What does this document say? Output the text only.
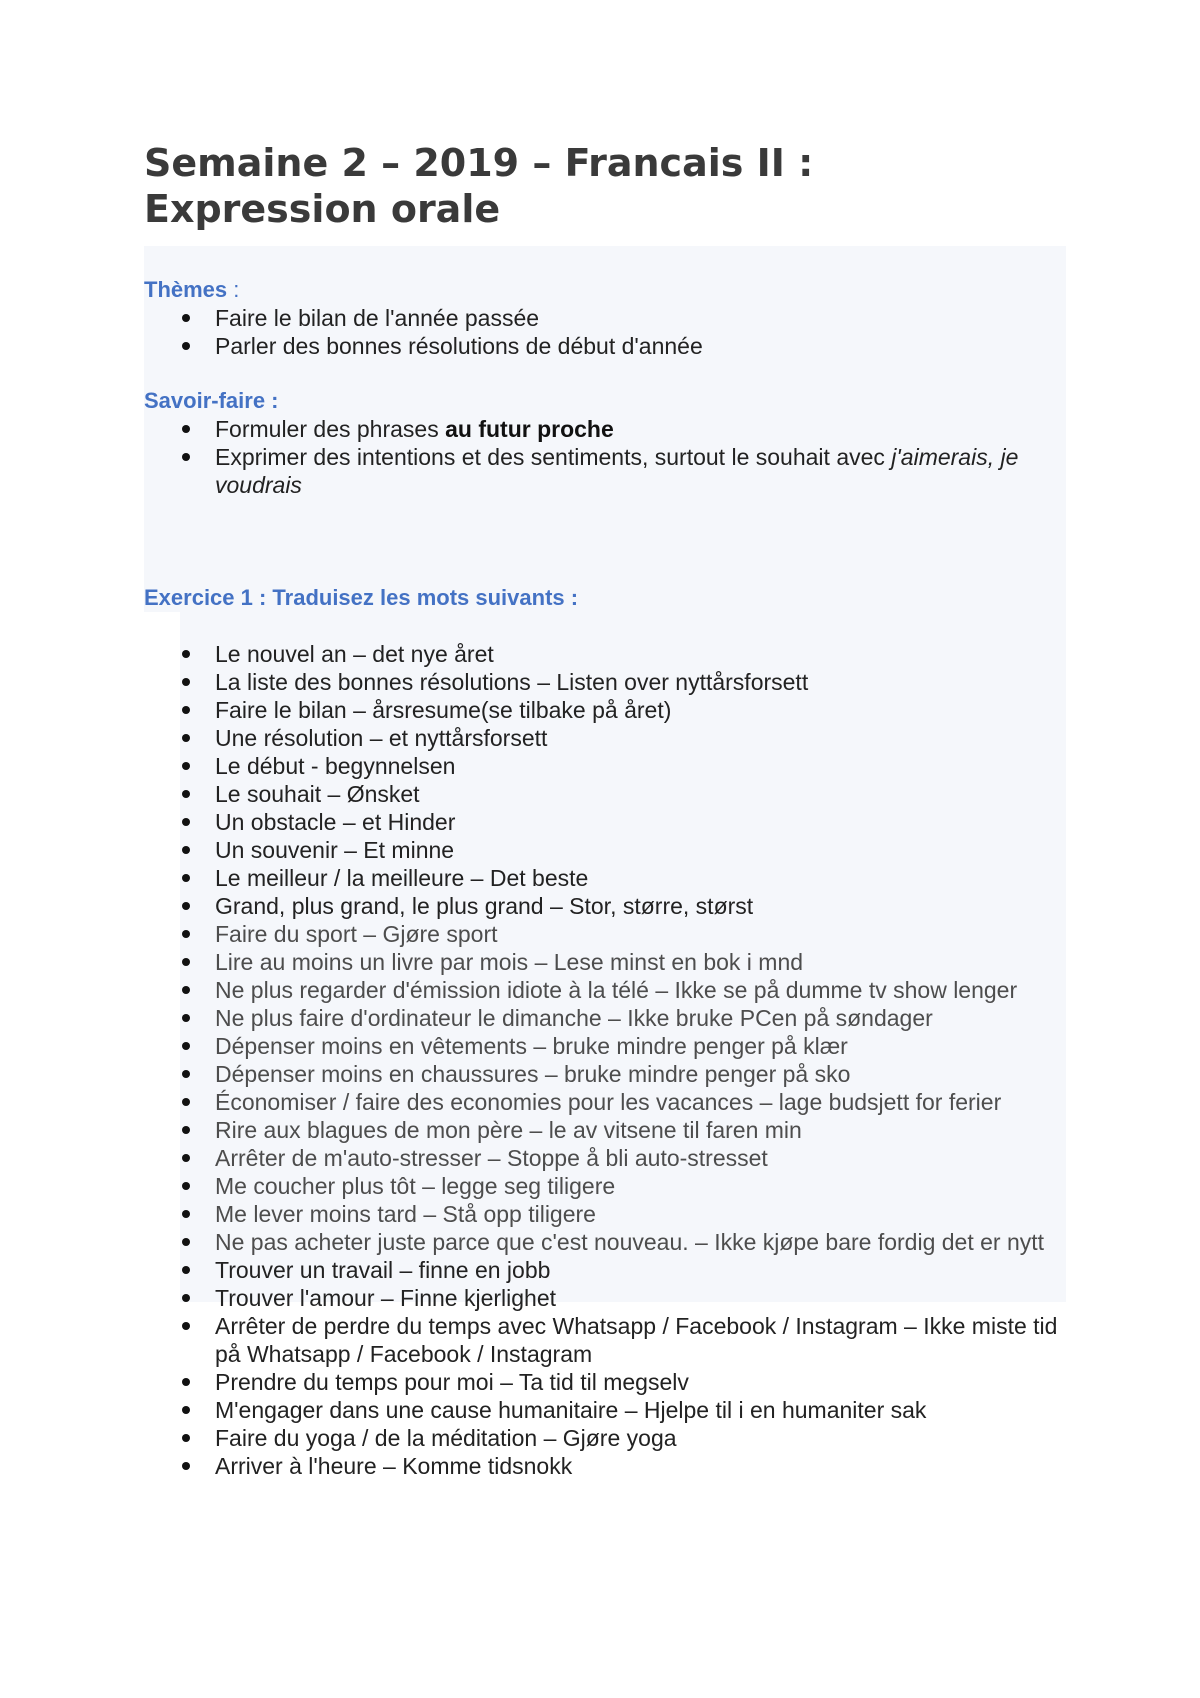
Semaine 2 – 2019 – Francais II :
Expression orale
Thèmes :
Faire le bilan de l'année passée
Parler des bonnes résolutions de début d'année
Savoir-faire :
Formuler des phrases au futur proche
Exprimer des intentions et des sentiments, surtout le souhait avec j'aimerais, je voudrais
Exercice 1 : Traduisez les mots suivants :
Le nouvel an – det nye året
La liste des bonnes résolutions – Listen over nyttårsforsett
Faire le bilan – årsresume(se tilbake på året)
Une résolution – et nyttårsforsett
Le début - begynnelsen
Le souhait – Ønsket
Un obstacle – et Hinder
Un souvenir – Et minne
Le meilleur / la meilleure – Det beste
Grand, plus grand, le plus grand – Stor, større, størst
Faire du sport – Gjøre sport
Lire au moins un livre par mois – Lese minst en bok i mnd
Ne plus regarder d'émission idiote à la télé – Ikke se på dumme tv show lenger
Ne plus faire d'ordinateur le dimanche – Ikke bruke PCen på søndager
Dépenser moins en vêtements – bruke mindre penger på klær
Dépenser moins en chaussures – bruke mindre penger på sko
Économiser / faire des economies pour les vacances – lage budsjett for ferier
Rire aux blagues de mon père – le av vitsene til faren min
Arrêter de m'auto-stresser – Stoppe å bli auto-stresset
Me coucher plus tôt – legge seg tiligere
Me lever moins tard – Stå opp tiligere
Ne pas acheter juste parce que c'est nouveau. – Ikke kjøpe bare fordig det er nytt
Trouver un travail – finne en jobb
Trouver l'amour – Finne kjerlighet
Arrêter de perdre du temps avec Whatsapp / Facebook / Instagram – Ikke miste tid på Whatsapp / Facebook / Instagram
Prendre du temps pour moi – Ta tid til megselv
M'engager dans une cause humanitaire – Hjelpe til i en humaniter sak
Faire du yoga / de la méditation – Gjøre yoga
Arriver à l'heure – Komme tidsnokk
